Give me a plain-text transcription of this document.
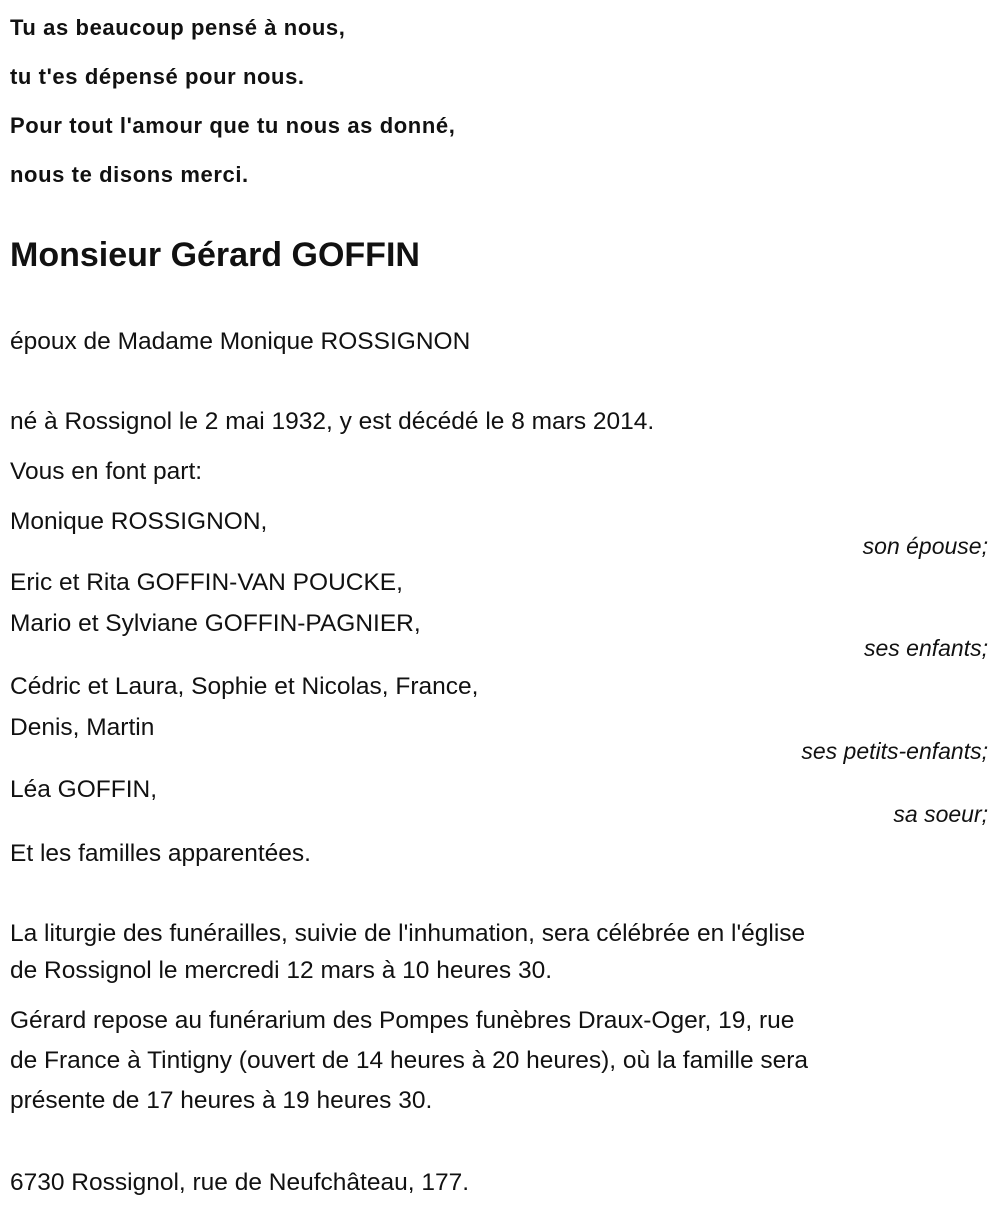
Tu as beaucoup pensé à nous,
tu t'es dépensé pour nous.
Pour tout l'amour que tu nous as donné,
nous te disons merci.
Monsieur Gérard GOFFIN
époux de Madame Monique ROSSIGNON
né à Rossignol le 2 mai 1932, y est décédé le 8 mars 2014.
Vous en font part:
Monique ROSSIGNON,
son épouse;
Eric et Rita GOFFIN-VAN POUCKE,
Mario et Sylviane GOFFIN-PAGNIER,
ses enfants;
Cédric et Laura, Sophie et Nicolas, France,
Denis, Martin
ses petits-enfants;
Léa GOFFIN,
sa soeur;
Et les familles apparentées.
La liturgie des funérailles, suivie de l'inhumation, sera célébrée en l'église
de Rossignol le mercredi 12 mars à 10 heures 30.
Gérard repose au funérarium des Pompes funèbres Draux-Oger, 19, rue
de France à Tintigny (ouvert de 14 heures à 20 heures), où la famille sera
présente de 17 heures à 19 heures 30.
6730 Rossignol, rue de Neufchâteau, 177.
